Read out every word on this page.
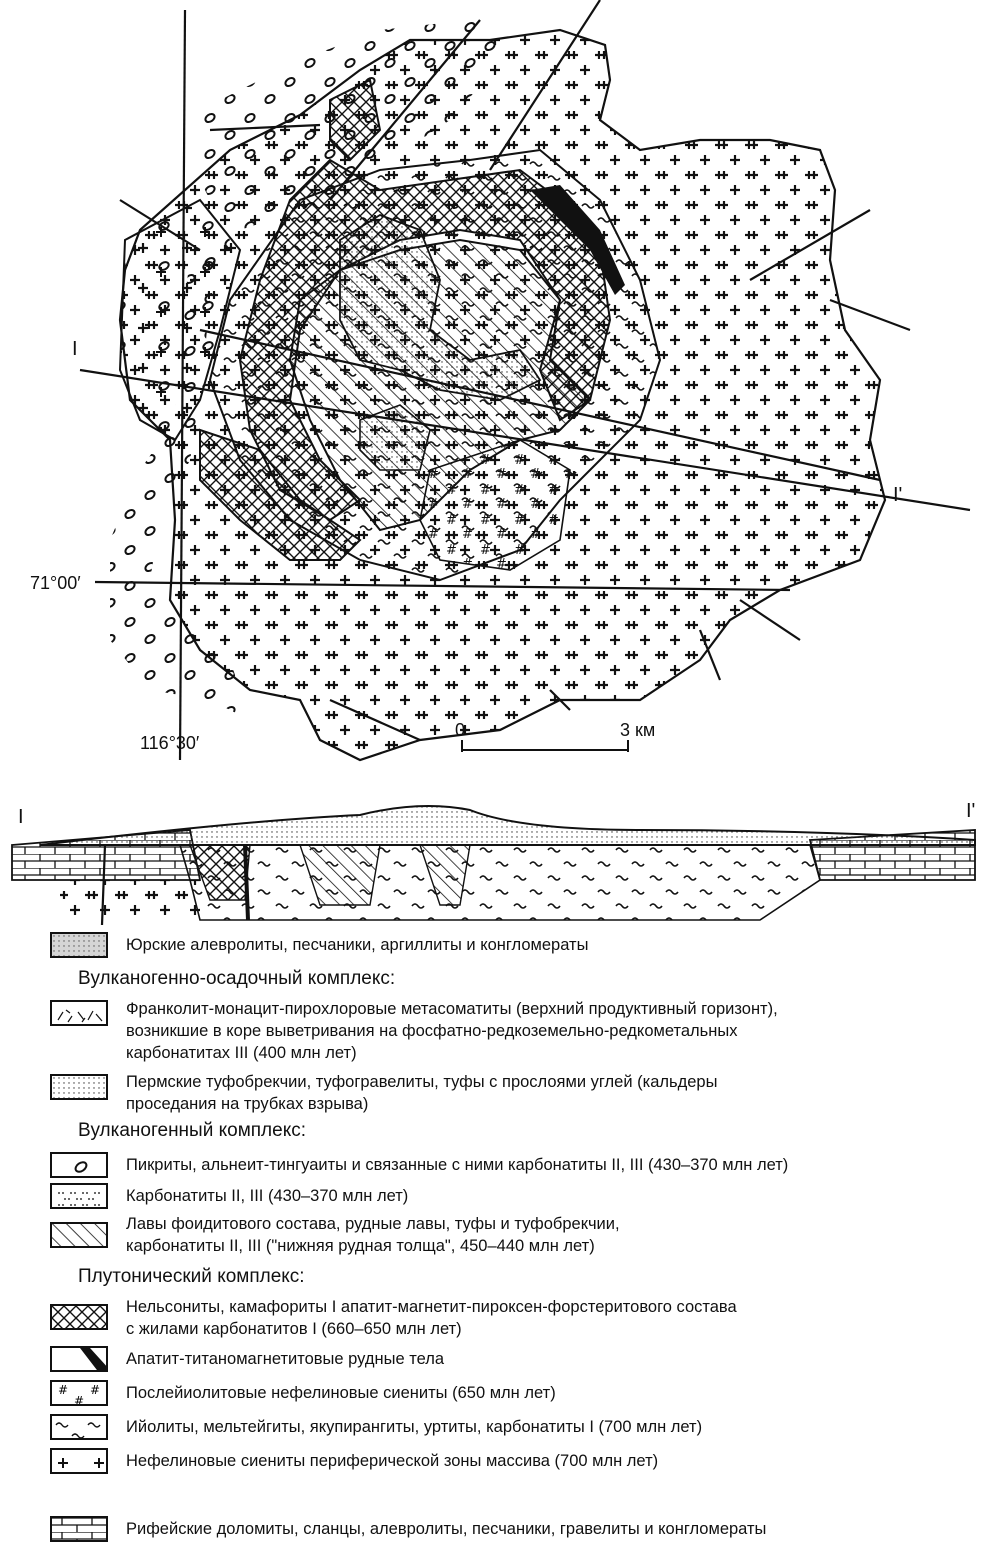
71°00′
116°30′
0	3 км
I
I'
I	I'
Юрские алевролиты, песчаники, аргиллиты и конгломераты
Вулканогенно-осадочный комплекс:
Франколит-монацит-пирохлоровые метасоматиты (верхний продуктивный горизонт),
возникшие в коре выветривания на фосфатно-редкоземельно-редкометальных
карбонатитах III (400 млн лет)
Пермские туфобрекчии, туфогравелиты, туфы с прослоями углей (кальдеры
проседания на трубках взрыва)
Вулканогенный комплекс:
Пикриты, альнеит-тингуаиты и связанные с ними карбонатиты II, III (430–370 млн лет)
Карбонатиты II, III (430–370 млн лет)
Лавы фоидитового состава, рудные лавы, туфы и туфобрекчии,
карбонатиты II, III ("нижняя рудная толща", 450–440 млн лет)
Плутонический комплекс:
Нельсониты, камафориты I апатит-магнетит-пироксен-форстеритового состава
с жилами карбонатитов I (660–650 млн лет)
Апатит-титаномагнетитовые рудные тела
# #
#	Послейиолитовые нефелиновые сиениты (650 млн лет)
Ийолиты, мельтейгиты, якупирангиты, уртиты, карбонатиты I (700 млн лет)
Нефелиновые сиениты периферической зоны массива (700 млн лет)
Рифейские доломиты, сланцы, алевролиты, песчаники, гравелиты и конгломераты
